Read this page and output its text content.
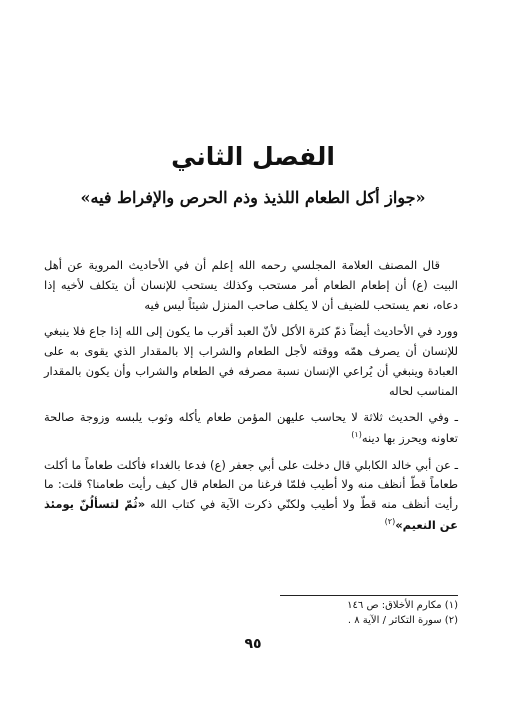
الفصل الثاني
«جواز أكل الطعام اللذيذ وذم الحرص والإفراط فيه»

قال المصنف العلامة المجلسي رحمه الله إعلم أن في الأحاديث المروية عن أهل البيت (ع) أن إطعام الطعام أمر مستحب وكذلك يستحب للإنسان أن يتكلف لأخيه إذا دعاه، نعم يستحب للضيف أن لا يكلف صاحب المنزل شيئاً ليس فيه

وورد في الأحاديث أيضاً ذمّ كثرة الأكل لأنّ العبد أقرب ما يكون إلى الله إذا جاع فلا ينبغي للإنسان أن يصرف همّه ووقته لأجل الطعام والشراب إلا بالمقدار الذي يقوى به على العبادة وينبغي أن يُراعي الإنسان نسبة مصرفه في الطعام والشراب وأن يكون بالمقدار المناسب لحاله

ـ وفي الحديث ثلاثة لا يحاسب عليهن المؤمن طعام يأكله وثوب يلبسه وزوجة صالحة تعاونه ويحرز بها دينه$^{(١)}$

ـ عن أبي خالد الكابلي قال دخلت على أبي جعفر (ع) فدعا بالغداء فأكلت طعاماً ما أكلت طعاماً قطّ أنظف منه ولا أطيب فلمّا فرغنا من الطعام قال كيف رأيت طعامنا؟ قلت: ما رأيت أنظف منه قطّ ولا أطيب ولكنّي ذكرت الآية في كتاب الله «ثُمّ لتسألُنّ يومئذ عن النعيم»$^{(٢)}$

(١) مكارم الأخلاق: ص ١٤٦
(٢) سورة التكاثر / الآية ٨ .
٩٥
